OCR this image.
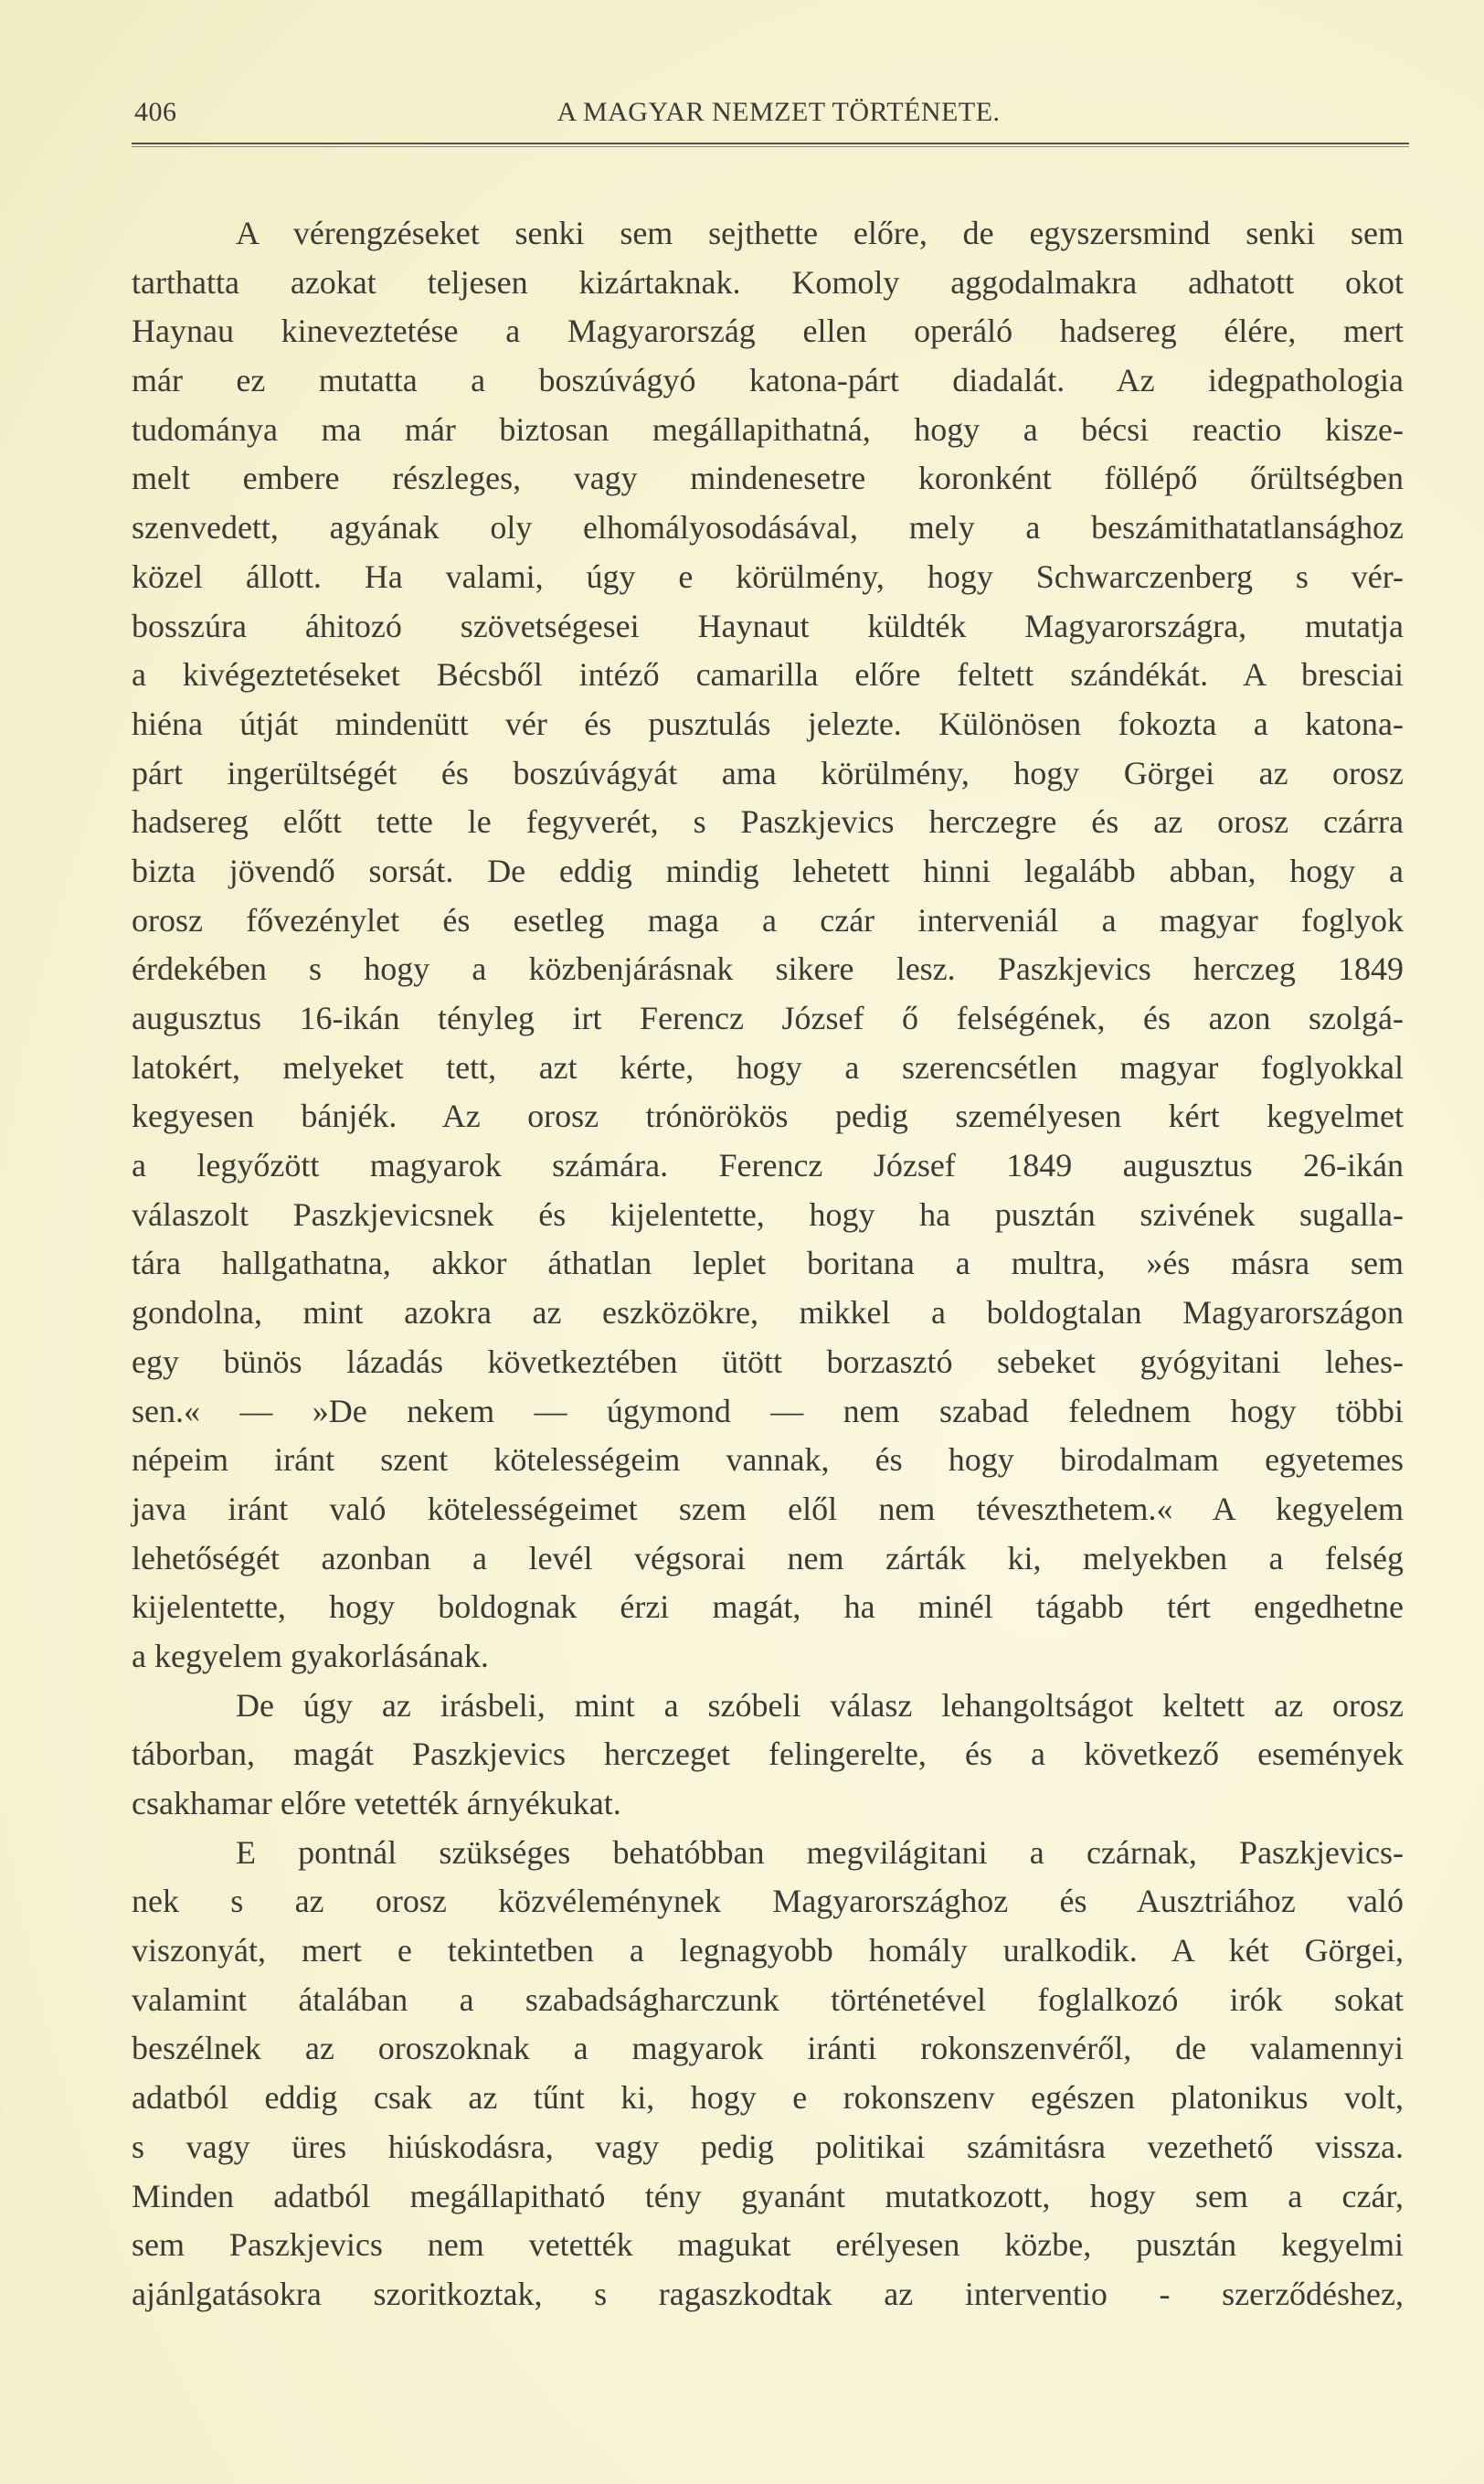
406	A MAGYAR NEMZET TÖRTÉNETE.
A vérengzéseket senki sem sejthette előre, de egyszersmind senki sem
tarthatta azokat teljesen kizártaknak. Komoly aggodalmakra adhatott okot
Haynau kineveztetése a Magyarország ellen operáló hadsereg élére, mert
már ez mutatta a boszúvágyó katona-párt diadalát. Az idegpathologia
tudománya ma már biztosan megállapithatná, hogy a bécsi reactio kisze-
melt embere részleges, vagy mindenesetre koronként föllépő őrültségben
szenvedett, agyának oly elhomályosodásával, mely a beszámithatatlansághoz
közel állott. Ha valami, úgy e körülmény, hogy Schwarczenberg s vér-
bosszúra áhitozó szövetségesei Haynaut küldték Magyarországra, mutatja
a kivégeztetéseket Bécsből intéző camarilla előre feltett szándékát. A bresciai
hiéna útját mindenütt vér és pusztulás jelezte. Különösen fokozta a katona-
párt ingerültségét és boszúvágyát ama körülmény, hogy Görgei az orosz
hadsereg előtt tette le fegyverét, s Paszkjevics herczegre és az orosz czárra
bizta jövendő sorsát. De eddig mindig lehetett hinni legalább abban, hogy a
orosz fővezénylet és esetleg maga a czár interveniál a magyar foglyok
érdekében s hogy a közbenjárásnak sikere lesz. Paszkjevics herczeg 1849
augusztus 16-ikán tényleg irt Ferencz József ő felségének, és azon szolgá-
latokért, melyeket tett, azt kérte, hogy a szerencsétlen magyar foglyokkal
kegyesen bánjék. Az orosz trónörökös pedig személyesen kért kegyelmet
a legyőzött magyarok számára. Ferencz József 1849 augusztus 26-ikán
válaszolt Paszkjevicsnek és kijelentette, hogy ha pusztán szivének sugalla-
tára hallgathatna, akkor áthatlan leplet boritana a multra, »és másra sem
gondolna, mint azokra az eszközökre, mikkel a boldogtalan Magyarországon
egy bünös lázadás következtében ütött borzasztó sebeket gyógyitani lehes-
sen.« — »De nekem — úgymond — nem szabad felednem hogy többi
népeim iránt szent kötelességeim vannak, és hogy birodalmam egyetemes
java iránt való kötelességeimet szem elől nem téveszthetem.« A kegyelem
lehetőségét azonban a levél végsorai nem zárták ki, melyekben a felség
kijelentette, hogy boldognak érzi magát, ha minél tágabb tért engedhetne
a kegyelem gyakorlásának.
De úgy az irásbeli, mint a szóbeli válasz lehangoltságot keltett az orosz
táborban, magát Paszkjevics herczeget felingerelte, és a következő események
csakhamar előre vetették árnyékukat.
E pontnál szükséges behatóbban megvilágitani a czárnak, Paszkjevics-
nek s az orosz közvéleménynek Magyarországhoz és Ausztriához való
viszonyát, mert e tekintetben a legnagyobb homály uralkodik. A két Görgei,
valamint átalában a szabadságharczunk történetével foglalkozó irók sokat
beszélnek az oroszoknak a magyarok iránti rokonszenvéről, de valamennyi
adatból eddig csak az tűnt ki, hogy e rokonszenv egészen platonikus volt,
s vagy üres hiúskodásra, vagy pedig politikai számitásra vezethető vissza.
Minden adatból megállapitható tény gyanánt mutatkozott, hogy sem a czár,
sem Paszkjevics nem vetették magukat erélyesen közbe, pusztán kegyelmi
ajánlgatásokra szoritkoztak, s ragaszkodtak az interventio - szerződéshez,
